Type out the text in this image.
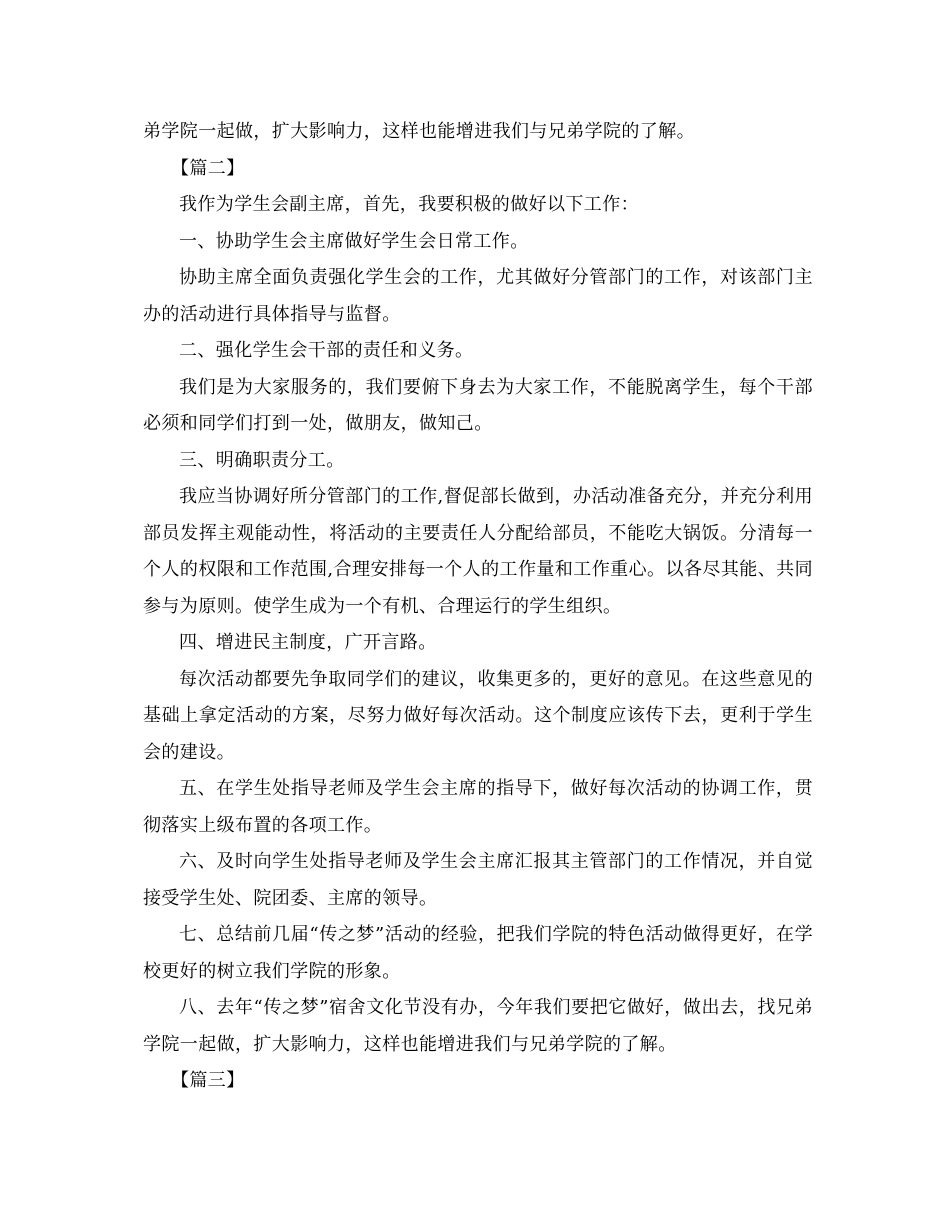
弟学院一起做，扩大影响力，这样也能增进我们与兄弟学院的了解。

【篇二】

我作为学生会副主席，首先，我要积极的做好以下工作：

一、协助学生会主席做好学生会日常工作。

协助主席全面负责强化学生会的工作，尤其做好分管部门的工作，对该部门主办的活动进行具体指导与监督。

二、强化学生会干部的责任和义务。

我们是为大家服务的，我们要俯下身去为大家工作，不能脱离学生，每个干部必须和同学们打到一处，做朋友，做知己。

三、明确职责分工。

我应当协调好所分管部门的工作,督促部长做到，办活动准备充分，并充分利用部员发挥主观能动性，将活动的主要责任人分配给部员，不能吃大锅饭。分清每一个人的权限和工作范围,合理安排每一个人的工作量和工作重心。以各尽其能、共同参与为原则。使学生成为一个有机、合理运行的学生组织。

四、增进民主制度，广开言路。

每次活动都要先争取同学们的建议，收集更多的，更好的意见。在这些意见的基础上拿定活动的方案，尽努力做好每次活动。这个制度应该传下去，更利于学生会的建设。

五、在学生处指导老师及学生会主席的指导下，做好每次活动的协调工作，贯彻落实上级布置的各项工作。

六、及时向学生处指导老师及学生会主席汇报其主管部门的工作情况，并自觉接受学生处、院团委、主席的领导。

七、总结前几届“传之梦”活动的经验，把我们学院的特色活动做得更好，在学校更好的树立我们学院的形象。

八、去年“传之梦”宿舍文化节没有办，今年我们要把它做好，做出去，找兄弟学院一起做，扩大影响力，这样也能增进我们与兄弟学院的了解。

【篇三】
